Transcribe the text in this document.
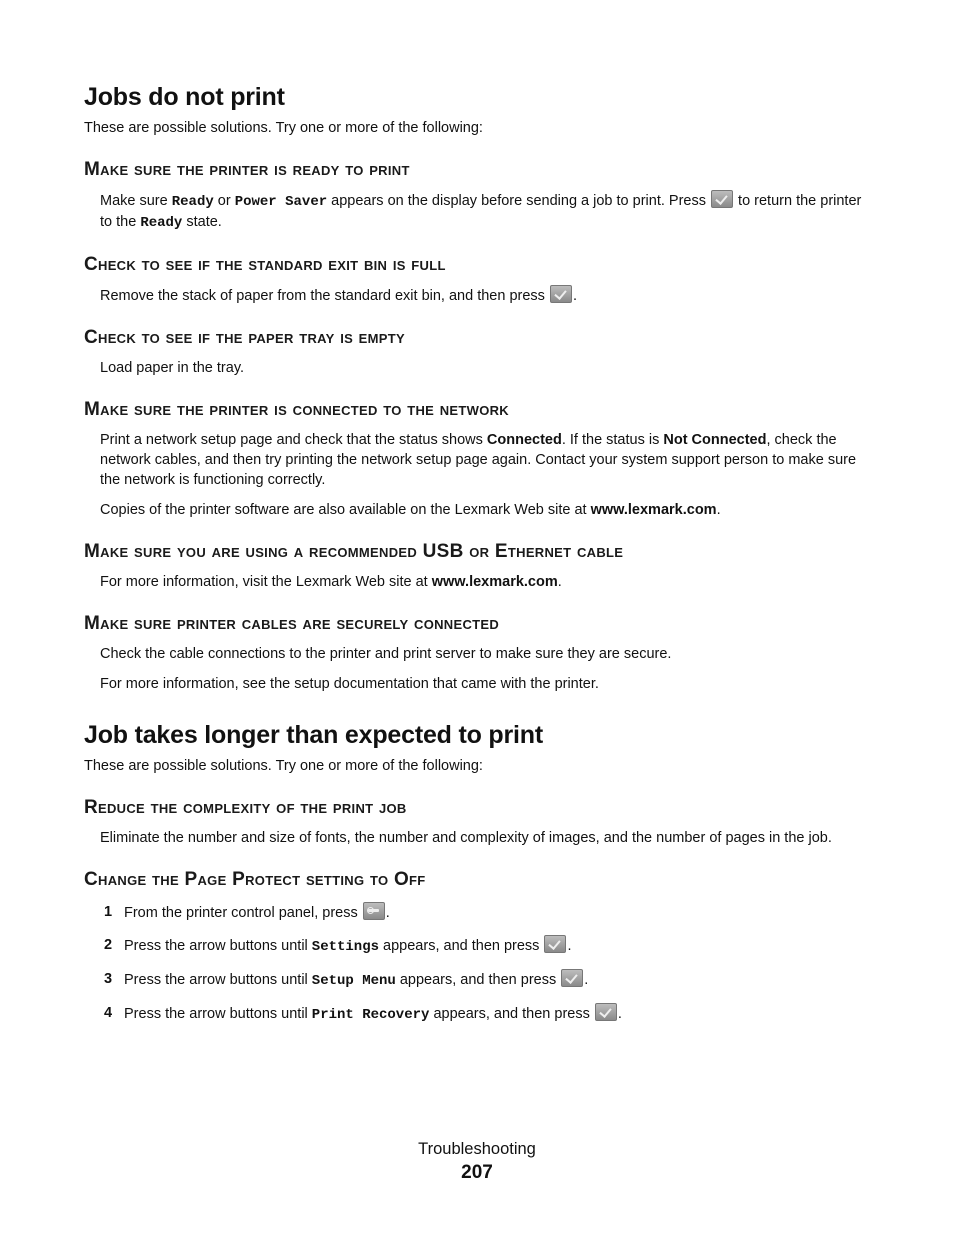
Jobs do not print

These are possible solutions. Try one or more of the following:

Make sure the printer is ready to print

Make sure Ready or Power Saver appears on the display before sending a job to print. Press  to return the printer to the Ready state.

Check to see if the standard exit bin is full

Remove the stack of paper from the standard exit bin, and then press .

Check to see if the paper tray is empty

Load paper in the tray.

Make sure the printer is connected to the network

Print a network setup page and check that the status shows Connected. If the status is Not Connected, check the network cables, and then try printing the network setup page again. Contact your system support person to make sure the network is functioning correctly.

Copies of the printer software are also available on the Lexmark Web site at www.lexmark.com.

Make sure you are using a recommended USB or Ethernet cable

For more information, visit the Lexmark Web site at www.lexmark.com.

Make sure printer cables are securely connected

Check the cable connections to the printer and print server to make sure they are secure.

For more information, see the setup documentation that came with the printer.

Job takes longer than expected to print

These are possible solutions. Try one or more of the following:

Reduce the complexity of the print job

Eliminate the number and size of fonts, the number and complexity of images, and the number of pages in the job.

Change the Page Protect setting to Off
1 From the printer control panel, press .
2 Press the arrow buttons until Settings appears, and then press .
3 Press the arrow buttons until Setup Menu appears, and then press .
4 Press the arrow buttons until Print Recovery appears, and then press .
Troubleshooting
207
